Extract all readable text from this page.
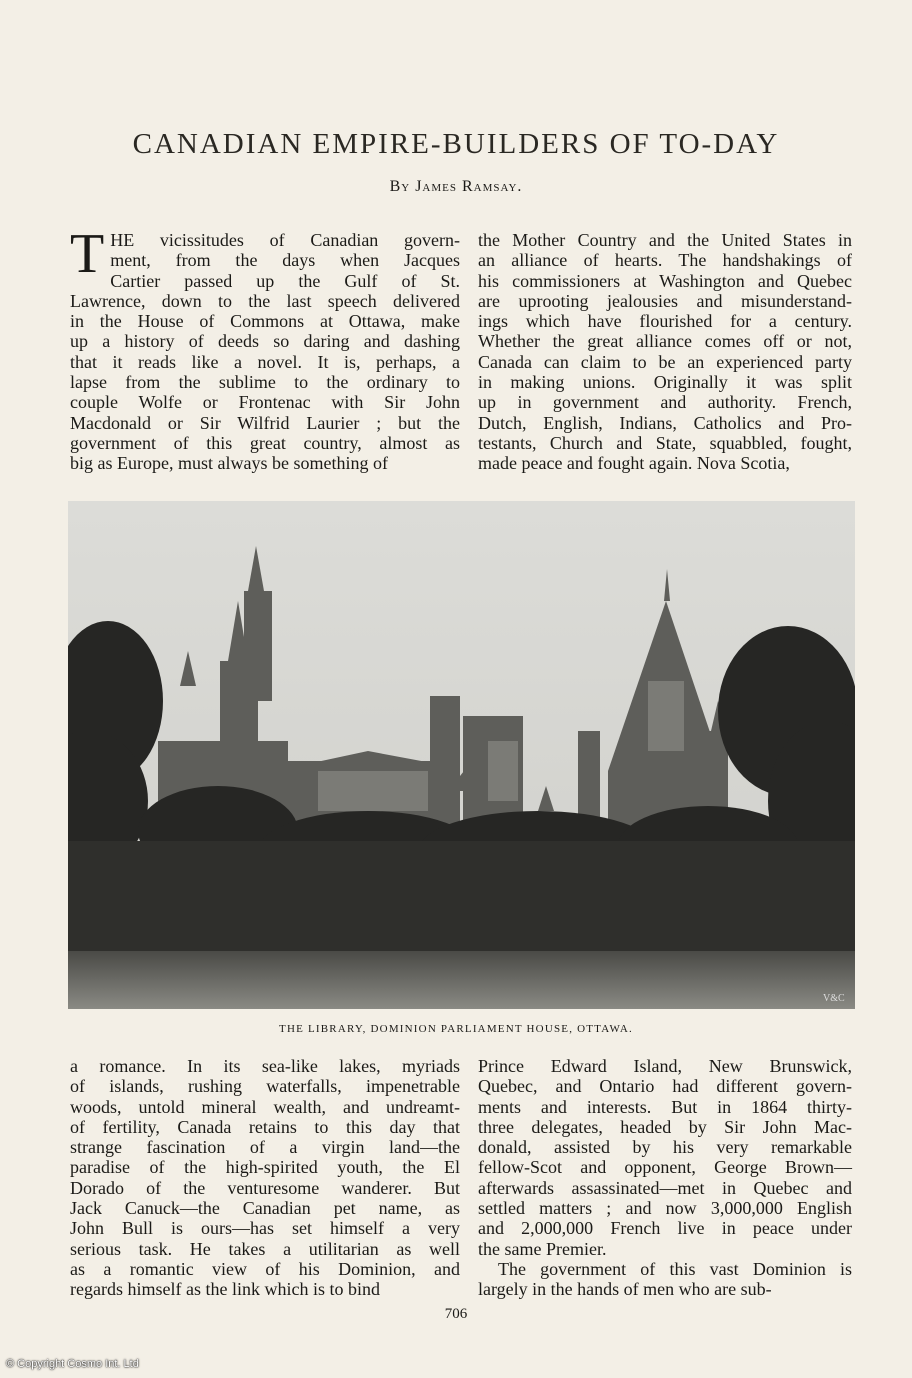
CANADIAN EMPIRE-BUILDERS OF TO-DAY

By James Ramsay.

T HE vicissitudes of Canadian govern-
ment, from the days when Jacques
Cartier passed up the Gulf of St.
Lawrence, down to the last speech delivered
in the House of Commons at Ottawa, make
up a history of deeds so daring and dashing
that it reads like a novel. It is, perhaps, a
lapse from the sublime to the ordinary to
couple Wolfe or Frontenac with Sir John
Macdonald or Sir Wilfrid Laurier ; but the
government of this great country, almost as
big as Europe, must always be something of
the Mother Country and the United States in
an alliance of hearts. The handshakings of
his commissioners at Washington and Quebec
are uprooting jealousies and misunderstand-
ings which have flourished for a century.
Whether the great alliance comes off or not,
Canada can claim to be an experienced party
in making unions. Originally it was split
up in government and authority. French,
Dutch, English, Indians, Catholics and Pro-
testants, Church and State, squabbled, fought,
made peace and fought again. Nova Scotia,
V&C

THE LIBRARY, DOMINION PARLIAMENT HOUSE, OTTAWA.

a romance. In its sea-like lakes, myriads
of islands, rushing waterfalls, impenetrable
woods, untold mineral wealth, and undreamt-
of fertility, Canada retains to this day that
strange fascination of a virgin land—the
paradise of the high-spirited youth, the El
Dorado of the venturesome wanderer. But
Jack Canuck—the Canadian pet name, as
John Bull is ours—has set himself a very
serious task. He takes a utilitarian as well
as a romantic view of his Dominion, and
regards himself as the link which is to bind
Prince Edward Island, New Brunswick,
Quebec, and Ontario had different govern-
ments and interests. But in 1864 thirty-
three delegates, headed by Sir John Mac-
donald, assisted by his very remarkable
fellow-Scot and opponent, George Brown—
afterwards assassinated—met in Quebec and
settled matters ; and now 3,000,000 English
and 2,000,000 French live in peace under
the same Premier.
The government of this vast Dominion is
largely in the hands of men who are sub-

706

© Copyright Cosmo Int. Ltd
